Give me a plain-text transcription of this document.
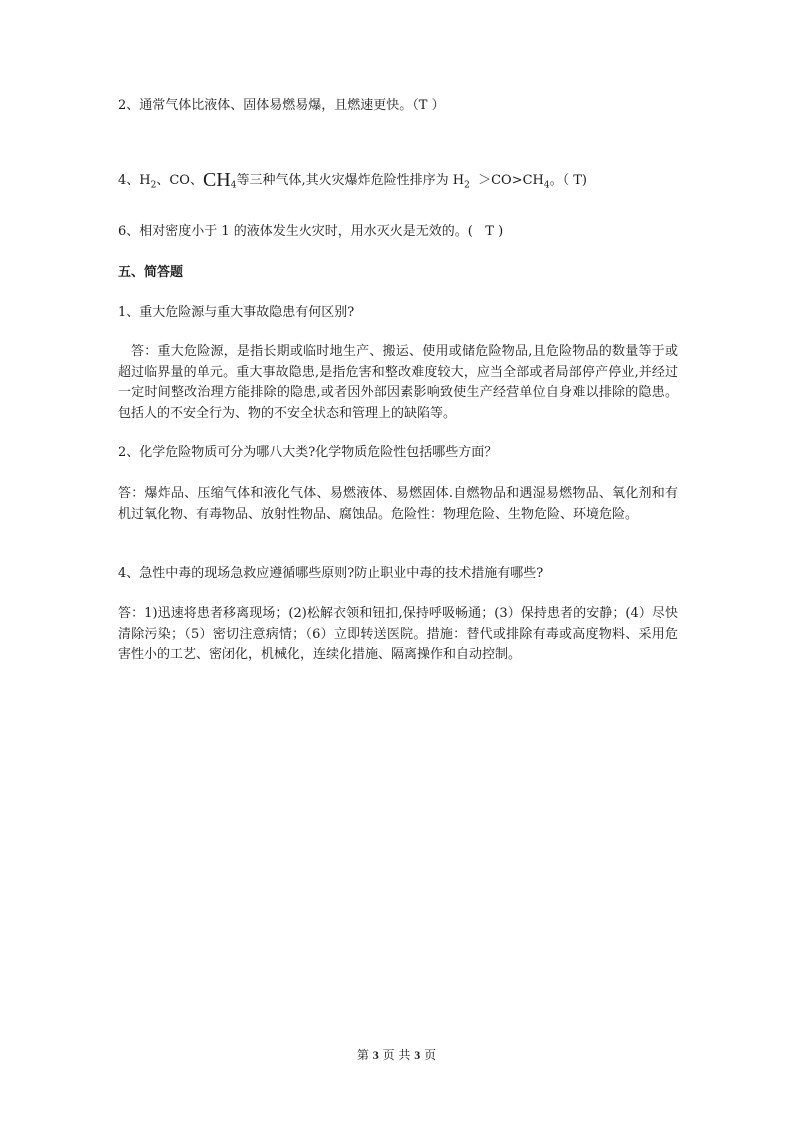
2、通常气体比液体、固体易燃易爆，且燃速更快。（T ）
4、$H_2$、CO、$CH_4$等三种气体,其火灾爆炸危险性排序为 $H_2 >CO>CH_4$。（ T)
6、相对密度小于 1 的液体发生火灾时，用水灭火是无效的。(   T )
五、简答题
1、重大危险源与重大事故隐患有何区别?
答：重大危险源，是指长期或临时地生产、搬运、使用或储危险物品,且危险物品的数量等于或超过临界量的单元。重大事故隐患,是指危害和整改难度较大，应当全部或者局部停产停业,并经过一定时间整改治理方能排除的隐患,或者因外部因素影响致使生产经营单位自身难以排除的隐患。包括人的不安全行为、物的不安全状态和管理上的缺陷等。
2、化学危险物质可分为哪八大类?化学物质危险性包括哪些方面？
答：爆炸品、压缩气体和液化气体、易燃液体、易燃固体.自燃物品和遇湿易燃物品、氧化剂和有机过氧化物、有毒物品、放射性物品、腐蚀品。危险性：物理危险、生物危险、环境危险。
4、急性中毒的现场急救应遵循哪些原则?防止职业中毒的技术措施有哪些?
答：1)迅速将患者移离现场；(2)松解衣领和钮扣,保持呼吸畅通；(3）保持患者的安静；(4）尽快清除污染；（5）密切注意病情；（6）立即转送医院。措施：替代或排除有毒或高度物料、采用危害性小的工艺、密闭化，机械化，连续化措施、隔离操作和自动控制。
第 3 页 共 3 页
